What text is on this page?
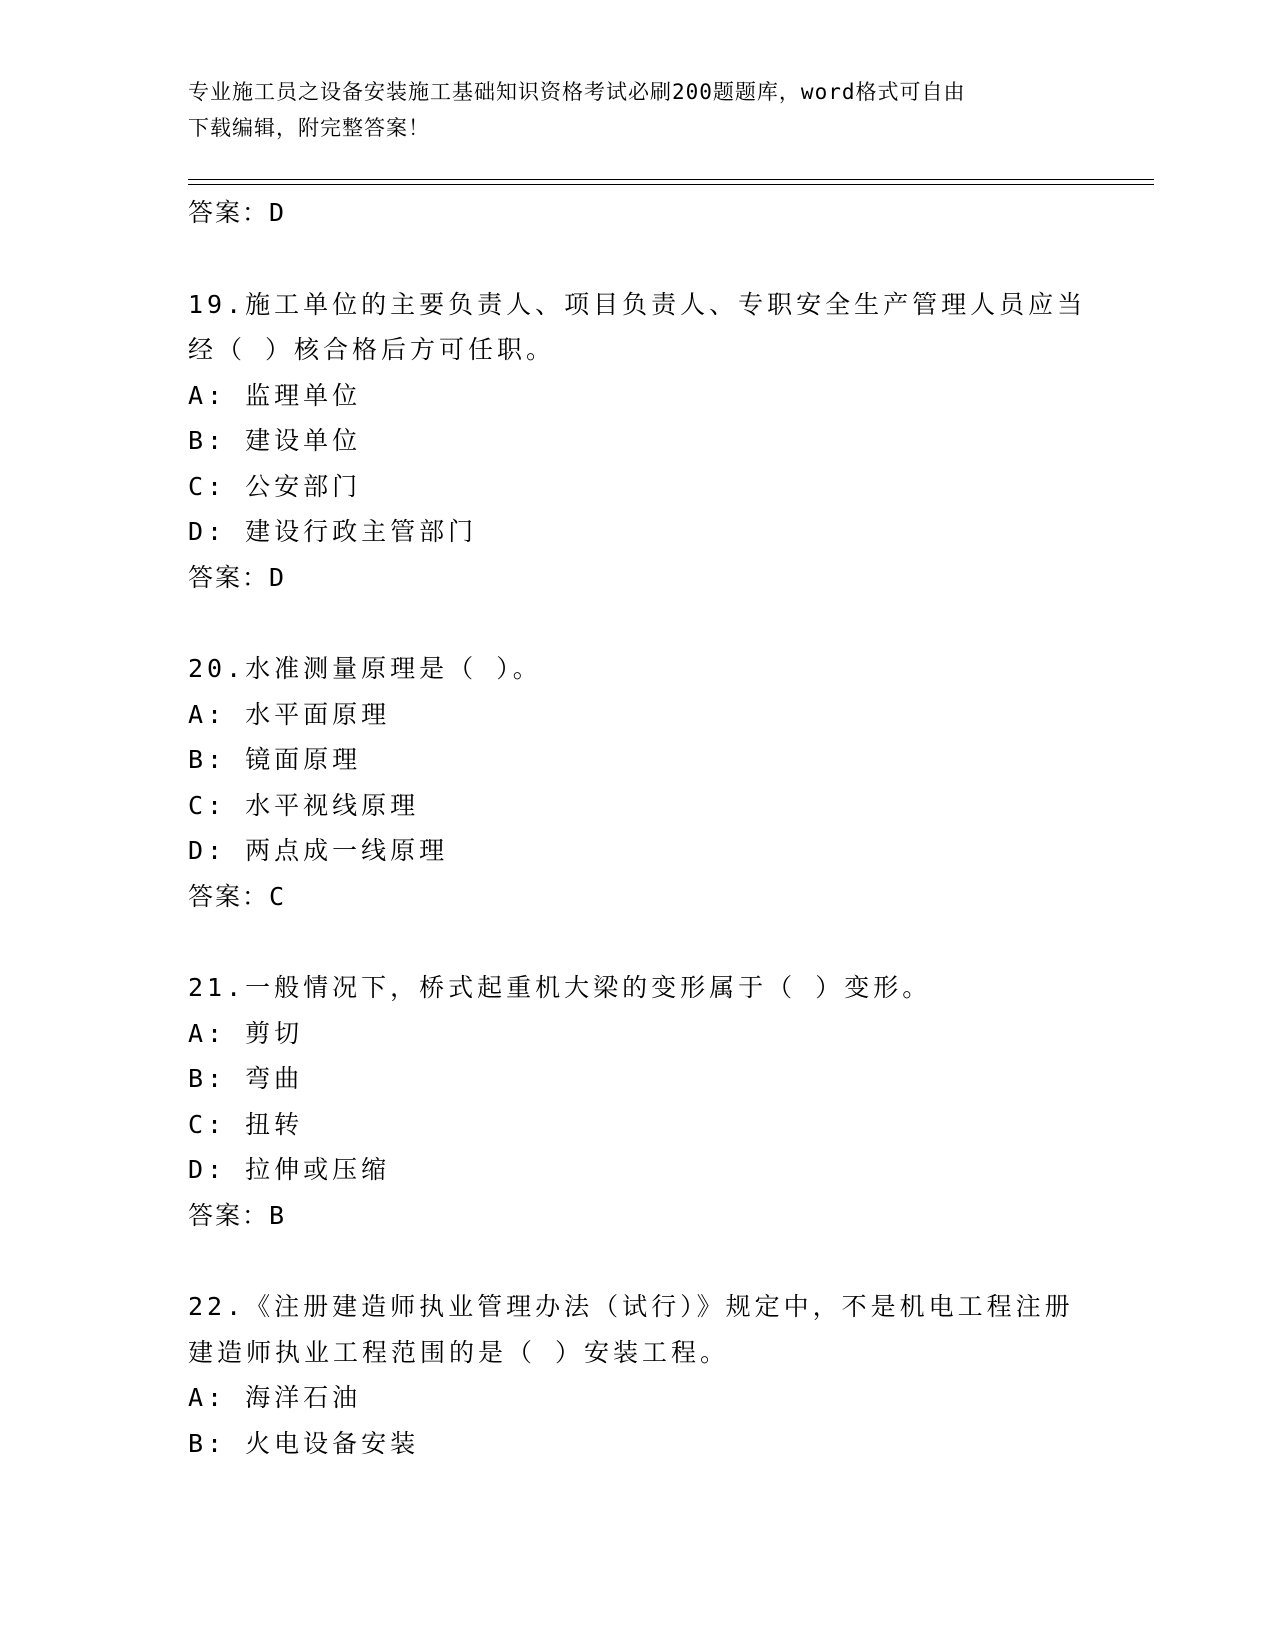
专业施工员之设备安装施工基础知识资格考试必刷200题题库，word格式可自由
下载编辑，附完整答案！
答案：D
19.施工单位的主要负责人、项目负责人、专职安全生产管理人员应当
经（ ）核合格后方可任职。
A: 监理单位
B: 建设单位
C: 公安部门
D: 建设行政主管部门
答案：D
20.水准测量原理是（ ）。
A: 水平面原理
B: 镜面原理
C: 水平视线原理
D: 两点成一线原理
答案：C
21.一般情况下，桥式起重机大梁的变形属于（ ）变形。
A: 剪切
B: 弯曲
C: 扭转
D: 拉伸或压缩
答案：B
22.《注册建造师执业管理办法（试行）》规定中，不是机电工程注册
建造师执业工程范围的是（ ）安装工程。
A: 海洋石油
B: 火电设备安装
